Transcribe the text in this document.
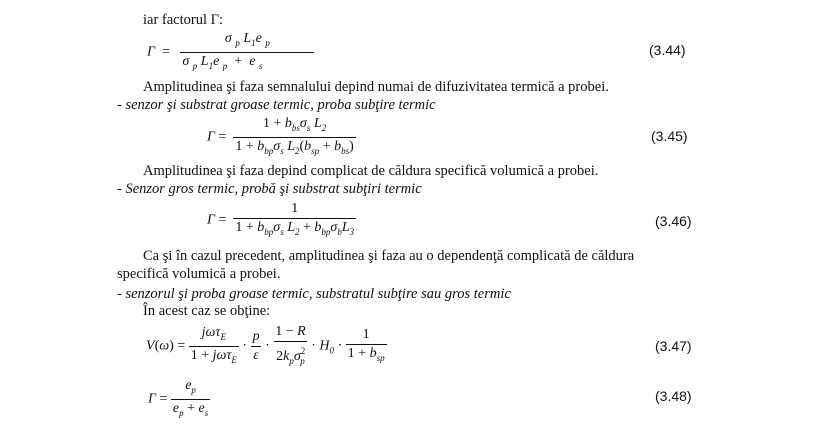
iar factorul Γ:
$\Gamma = \frac{\sigma _p L_1e _p}{\sigma _p L_1e _p + e _s}$	(3.44)
Amplitudinea şi faza semnalului depind numai de difuzivitatea termică a probei.
- senzor şi substrat groase termic, proba subţire termic
$\Gamma = \frac{1 + b_{bs}\sigma_s L_2}{1 + b_{bp}\sigma_s L_2(b_{sp} + b_{bs})}$	(3.45)
Amplitudinea şi faza depind complicat de căldura specifică volumică a probei.
- Senzor gros termic, probă şi substrat subţiri termic
$\Gamma = \frac{1}{1 + b_{bp}\sigma_s L_2 + b_{bp}\sigma_bL_3}$	(3.46)
Ca şi în cazul precedent, amplitudinea şi faza au o dependenţă complicată de căldura
specifică volumică a probei.
- senzorul şi proba groase termic, substratul subţire sau gros termic
În acest caz se obţine:
$V(\omega) = \frac{j\omega\tau_E}{1 + j\omega\tau_E} \cdot \frac{p}{\varepsilon} \cdot \frac{1 - R}{2k_p\sigma^2_p} \cdot H_0 \cdot \frac{1}{1 + b_{sp}}$	(3.47)
$\Gamma = \frac{e_p}{e_p + e_s}$	(3.48)
